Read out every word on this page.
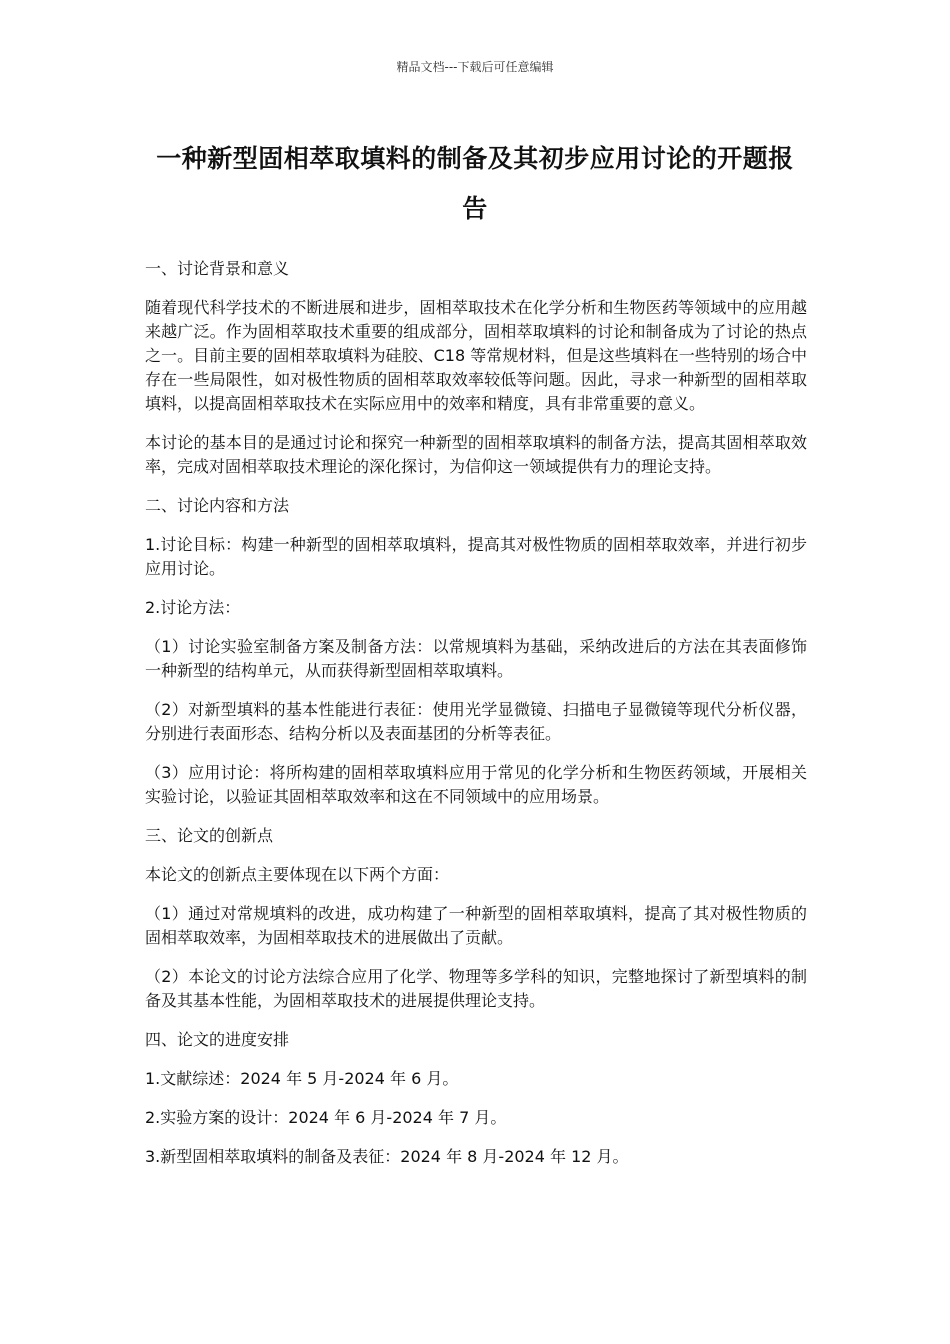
精品文档---下载后可任意编辑
一种新型固相萃取填料的制备及其初步应用讨论的开题报告

一、讨论背景和意义

随着现代科学技术的不断进展和进步，固相萃取技术在化学分析和生物医药等领域中的应用越来越广泛。作为固相萃取技术重要的组成部分，固相萃取填料的讨论和制备成为了讨论的热点之一。目前主要的固相萃取填料为硅胶、C18 等常规材料，但是这些填料在一些特别的场合中存在一些局限性，如对极性物质的固相萃取效率较低等问题。因此，寻求一种新型的固相萃取填料，以提高固相萃取技术在实际应用中的效率和精度，具有非常重要的意义。

本讨论的基本目的是通过讨论和探究一种新型的固相萃取填料的制备方法，提高其固相萃取效率，完成对固相萃取技术理论的深化探讨，为信仰这一领域提供有力的理论支持。

二、讨论内容和方法

1.讨论目标：构建一种新型的固相萃取填料，提高其对极性物质的固相萃取效率，并进行初步应用讨论。

2.讨论方法：

（1）讨论实验室制备方案及制备方法：以常规填料为基础，采纳改进后的方法在其表面修饰一种新型的结构单元，从而获得新型固相萃取填料。

（2）对新型填料的基本性能进行表征：使用光学显微镜、扫描电子显微镜等现代分析仪器，分别进行表面形态、结构分析以及表面基团的分析等表征。

（3）应用讨论：将所构建的固相萃取填料应用于常见的化学分析和生物医药领域，开展相关实验讨论，以验证其固相萃取效率和这在不同领域中的应用场景。

三、论文的创新点

本论文的创新点主要体现在以下两个方面：

（1）通过对常规填料的改进，成功构建了一种新型的固相萃取填料，提高了其对极性物质的固相萃取效率，为固相萃取技术的进展做出了贡献。

（2）本论文的讨论方法综合应用了化学、物理等多学科的知识，完整地探讨了新型填料的制备及其基本性能，为固相萃取技术的进展提供理论支持。

四、论文的进度安排

1.文献综述：2024 年 5 月-2024 年 6 月。

2.实验方案的设计：2024 年 6 月-2024 年 7 月。

3.新型固相萃取填料的制备及表征：2024 年 8 月-2024 年 12 月。
